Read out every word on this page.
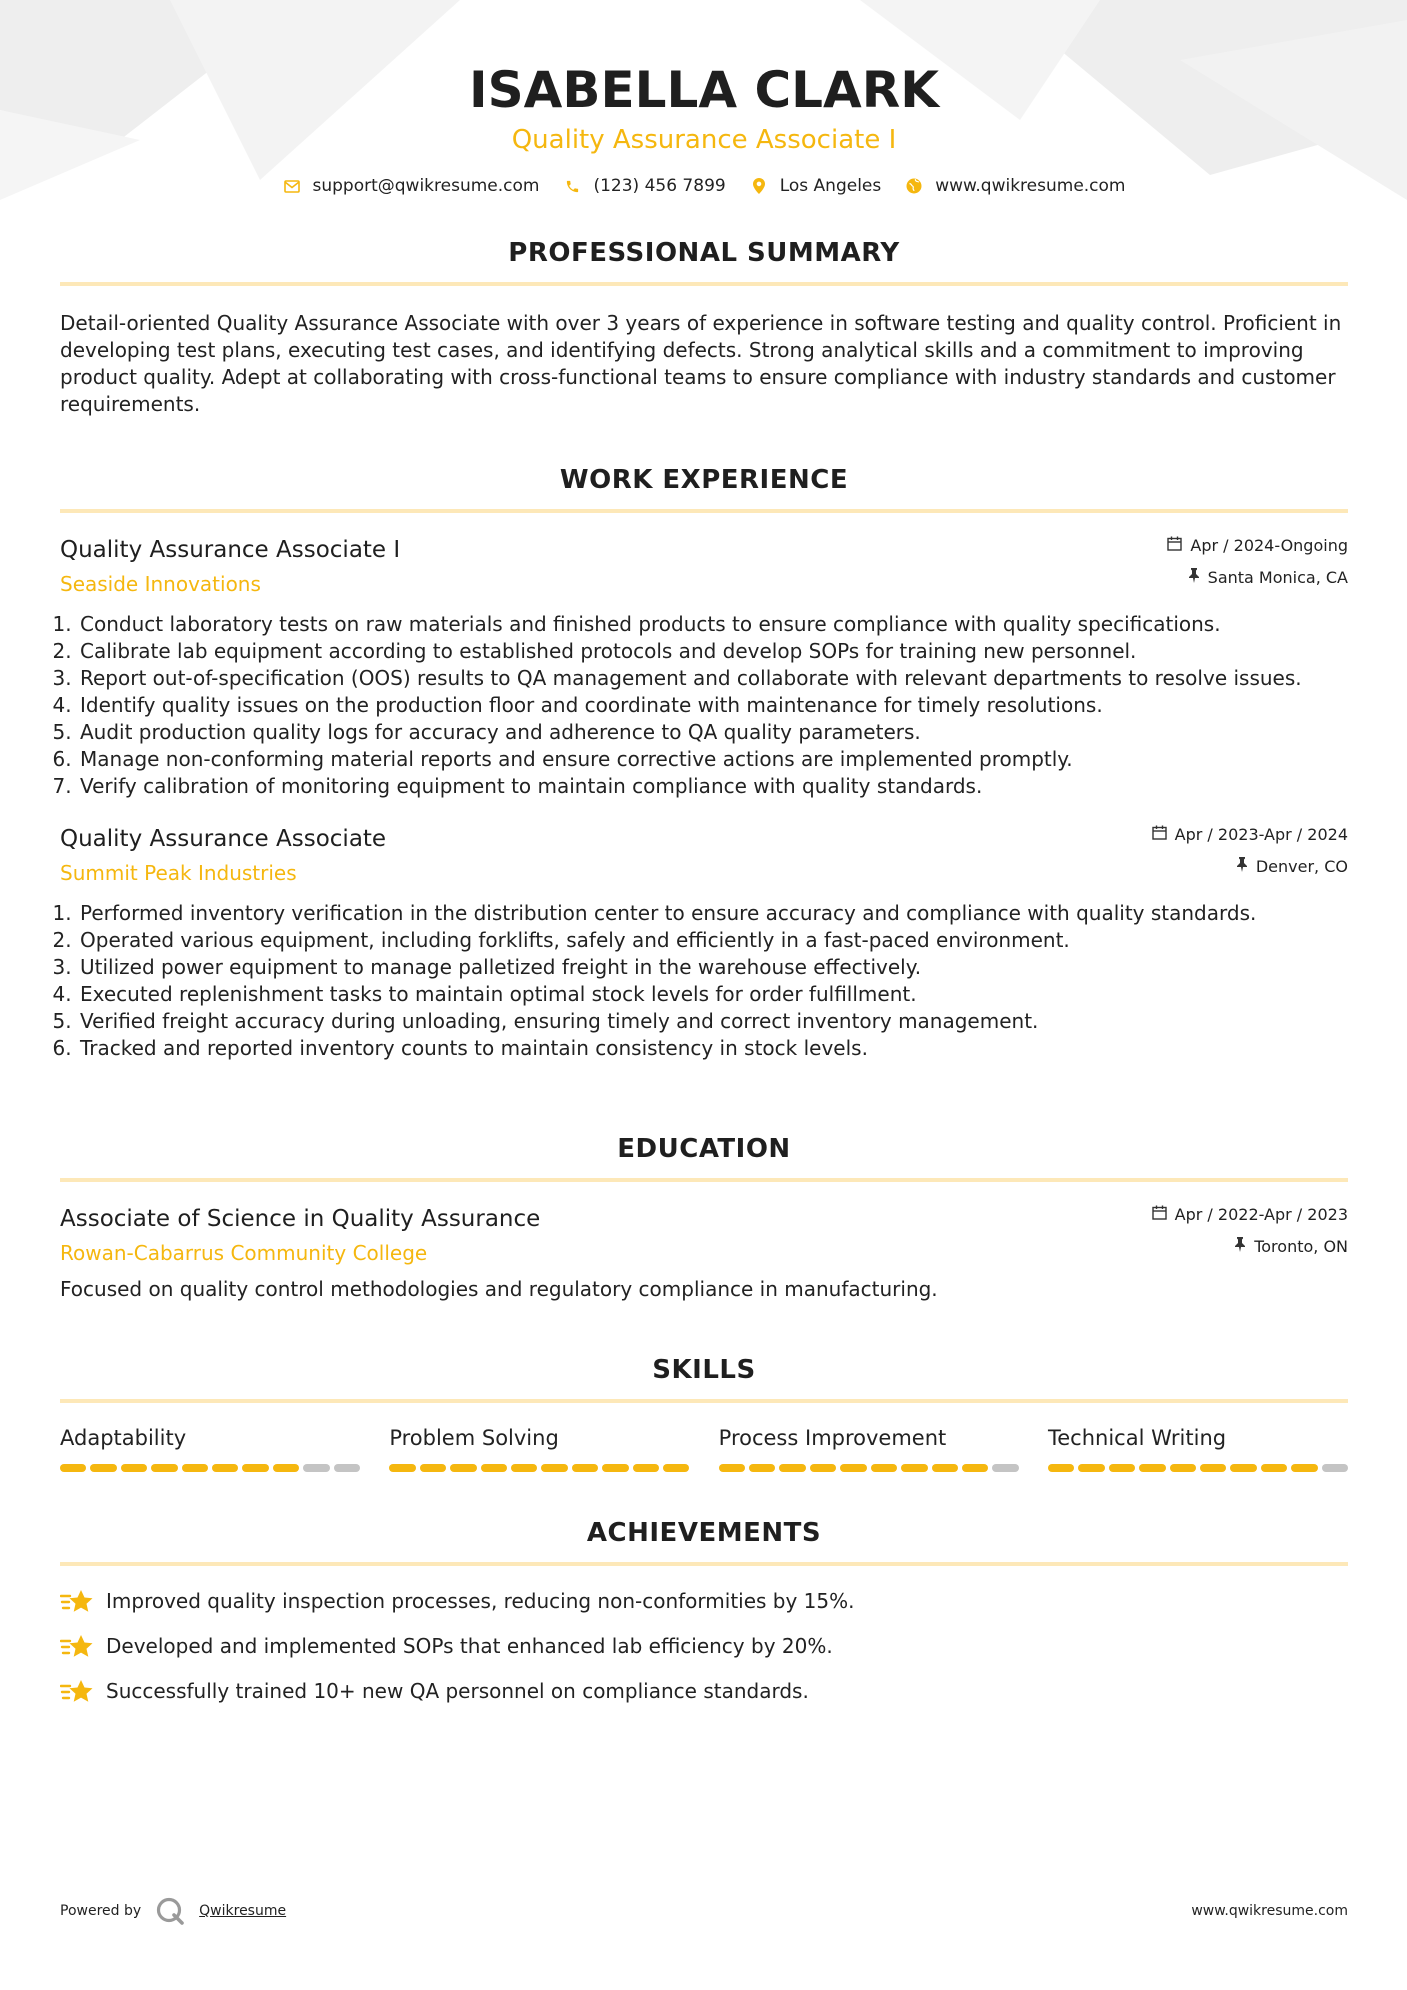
ISABELLA CLARK
Quality Assurance Associate I
support@qwikresume.com	(123) 456 7899	Los Angeles	www.qwikresume.com
PROFESSIONAL SUMMARY
Detail-oriented Quality Assurance Associate with over 3 years of experience in software testing and quality control. Proficient in developing test plans, executing test cases, and identifying defects. Strong analytical skills and a commitment to improving product quality. Adept at collaborating with cross-functional teams to ensure compliance with industry standards and customer requirements.
WORK EXPERIENCE
Quality Assurance Associate I
Seaside Innovations
Apr / 2024-Ongoing
Santa Monica, CA
1. Conduct laboratory tests on raw materials and finished products to ensure compliance with quality specifications.
2. Calibrate lab equipment according to established protocols and develop SOPs for training new personnel.
3. Report out-of-specification (OOS) results to QA management and collaborate with relevant departments to resolve issues.
4. Identify quality issues on the production floor and coordinate with maintenance for timely resolutions.
5. Audit production quality logs for accuracy and adherence to QA quality parameters.
6. Manage non-conforming material reports and ensure corrective actions are implemented promptly.
7. Verify calibration of monitoring equipment to maintain compliance with quality standards.
Quality Assurance Associate
Summit Peak Industries
Apr / 2023-Apr / 2024
Denver, CO
1. Performed inventory verification in the distribution center to ensure accuracy and compliance with quality standards.
2. Operated various equipment, including forklifts, safely and efficiently in a fast-paced environment.
3. Utilized power equipment to manage palletized freight in the warehouse effectively.
4. Executed replenishment tasks to maintain optimal stock levels for order fulfillment.
5. Verified freight accuracy during unloading, ensuring timely and correct inventory management.
6. Tracked and reported inventory counts to maintain consistency in stock levels.
EDUCATION
Associate of Science in Quality Assurance
Rowan-Cabarrus Community College
Apr / 2022-Apr / 2023
Toronto, ON
Focused on quality control methodologies and regulatory compliance in manufacturing.
SKILLS
Adaptability	Problem Solving	Process Improvement	Technical Writing
ACHIEVEMENTS
Improved quality inspection processes, reducing non-conformities by 15%.
Developed and implemented SOPs that enhanced lab efficiency by 20%.
Successfully trained 10+ new QA personnel on compliance standards.
Powered by	Qwikresume	www.qwikresume.com
